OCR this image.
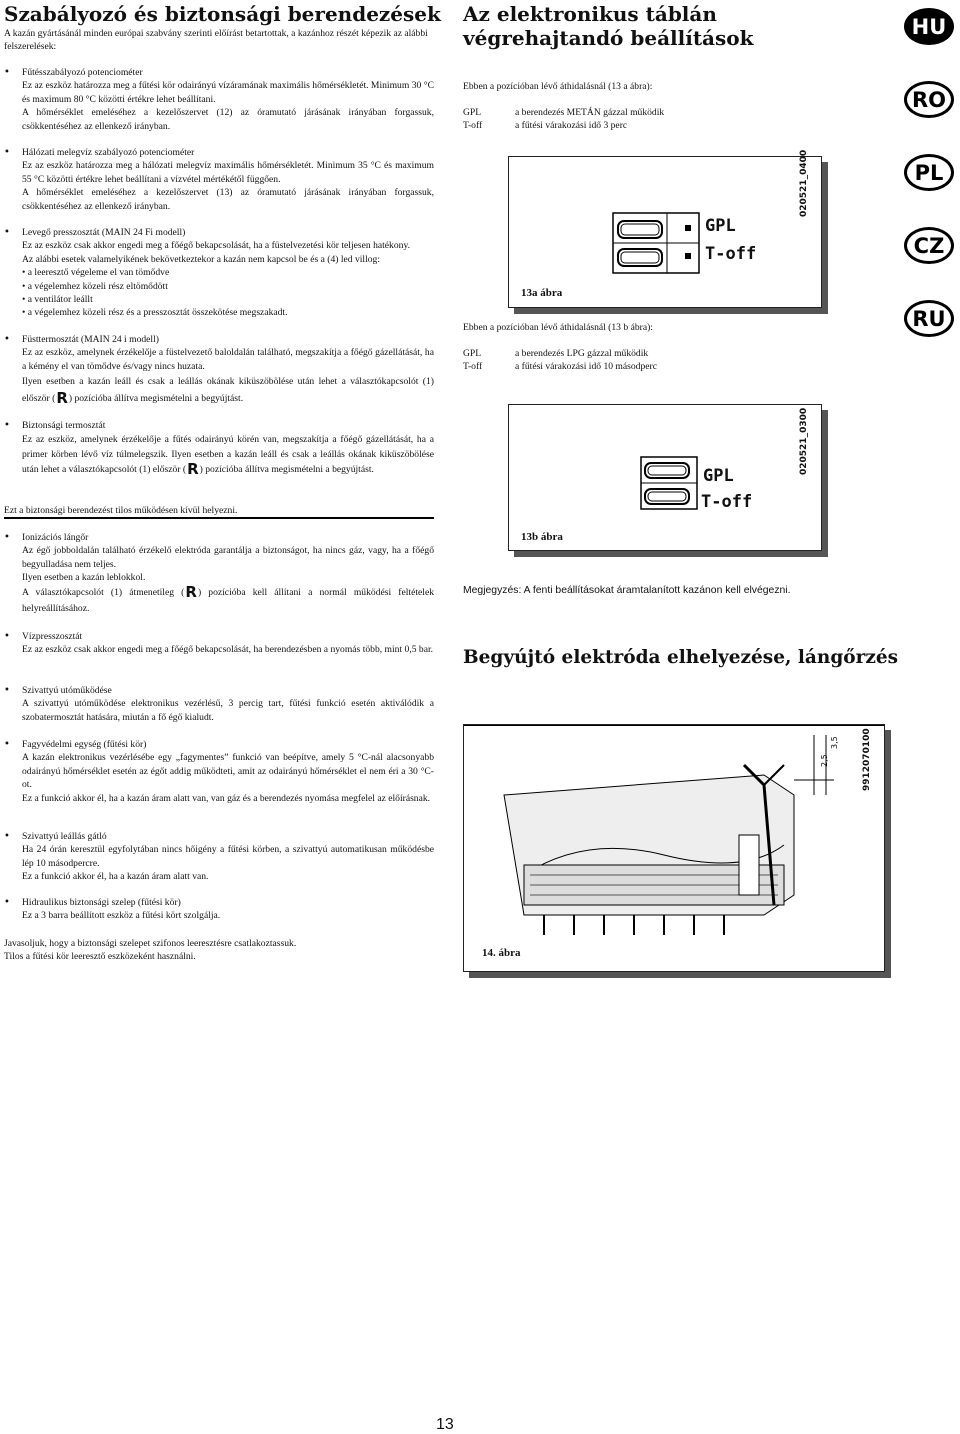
Szabályozó és biztonsági berendezések
A kazán gyártásánál minden európai szabvány szerinti előírást betartottak, a kazánhoz részét képezik az alábbi felszerelések:
• Fűtésszabályozó potenciométer

Ez az eszköz határozza meg a fűtési kör odairányú vízáramának maximális hőmérsékletét. Minimum 30 °C és maximum 80 °C közötti értékre lehet beállítani.

A hőmérséklet emeléséhez a kezelőszervet (12) az óramutató járásának irányában forgassuk, csökkentéséhez az ellenkező irányban.

• Hálózati melegvíz szabályozó potenciométer

Ez az eszköz határozza meg a hálózati melegvíz maximális hőmérsékletét. Minimum 35 °C és maximum 55 °C közötti értékre lehet beállítani a vízvétel mértékétől függően.

A hőmérséklet emeléséhez a kezelőszervet (13) az óramutató járásának irányában forgassuk, csökkentéséhez az ellenkező irányban.

• Levegő presszosztát (MAIN 24 Fi modell)

Ez az eszköz csak akkor engedi meg a főégő bekapcsolását, ha a füstelvezetési kör teljesen hatékony.

Az alábbi esetek valamelyikének bekövetkeztekor a kazán nem kapcsol be és a (4) led villog:

• a leeresztő végeleme el van tömődve
• a végelemhez közeli rész eltömődött
• a ventilátor leállt
• a végelemhez közeli rész és a presszosztát összekötése megszakadt.
• Füsttermosztát (MAIN 24 i modell)

Ez az eszköz, amelynek érzékelője a füstelvezető baloldalán található, megszakítja a főégő gázellátását, ha a kémény el van tömődve és/vagy nincs huzata.

Ilyen esetben a kazán leáll és csak a leállás okának kiküszöbölése után lehet a választókapcsolót (1) először (R) pozícióba állítva megismételni a begyújtást.

• Biztonsági termosztát

Ez az eszköz, amelynek érzékelője a fűtés odairányú körén van, megszakítja a főégő gázellátását, ha a primer körben lévő víz túlmelegszik. Ilyen esetben a kazán leáll és csak a leállás okának kiküszöbölése után lehet a választókapcsolót (1) először (R) pozícióba állítva megismételni a begyújtást.

Ezt a biztonsági berendezést tilos működésen kívül helyezni.
• Ionizációs lángőr

Az égő jobboldalán található érzékelő elektróda garantálja a biztonságot, ha nincs gáz, vagy, ha a főégő begyulladása nem teljes.

Ilyen esetben a kazán leblokkol.

A választókapcsolót (1) átmenetileg (R) pozícióba kell állítani a normál működési feltételek helyreállításához.

• Vízpresszosztát

Ez az eszköz csak akkor engedi meg a főégő bekapcsolását, ha berendezésben a nyomás több, mint 0,5 bar.

• Szivattyú utóműködése

A szivattyú utóműködése elektronikus vezérlésű, 3 percig tart, fűtési funkció esetén aktiválódik a szobatermosztát hatására, miután a fő égő kialudt.

• Fagyvédelmi egység (fűtési kör)

A kazán elektronikus vezérlésébe egy „fagymentes” funkció van beépítve, amely 5 °C-nál alacsonyabb odairányú hőmérséklet esetén az égőt addig működteti, amit az odairányú hőmérséklet el nem éri a 30 °C-ot.

Ez a funkció akkor él, ha a kazán áram alatt van, van gáz és a berendezés nyomása megfelel az előírásnak.

• Szivattyú leállás gátló

Ha 24 órán keresztül egyfolytában nincs hőigény a fűtési körben, a szivattyú automatikusan működésbe lép 10 másodpercre.

Ez a funkció akkor él, ha a kazán áram alatt van.

• Hidraulikus biztonsági szelep (fűtési kör)

Ez a 3 barra beállított eszköz a fűtési kört szolgálja.

Javasoljuk, hogy a biztonsági szelepet szifonos leeresztésre csatlakoztassuk.
Tilos a fűtési kör leeresztő eszközeként használni.
Az elektronikus táblán végrehajtandó beállítások
Ebben a pozícióban lévő áthidalásnál (13 a ábra):
GPL	a berendezés METÁN gázzal működik
T-off	a fűtési várakozási idő 3 perc
GPL
T-off
020521_0400
13a ábra
Ebben a pozícióban lévő áthidalásnál (13 b ábra):
GPL	a berendezés LPG gázzal működik
T-off	a fűtési várakozási idő 10 másodperc
GPL
T-off
020521_0300
13b ábra
Megjegyzés: A fenti beállításokat áramtalanított kazánon kell elvégezni.
Begyújtó elektróda elhelyezése, lángőrzés
2,5
3,5	9912070100
14. ábra
HU
RO
PL
CZ
RU
13
